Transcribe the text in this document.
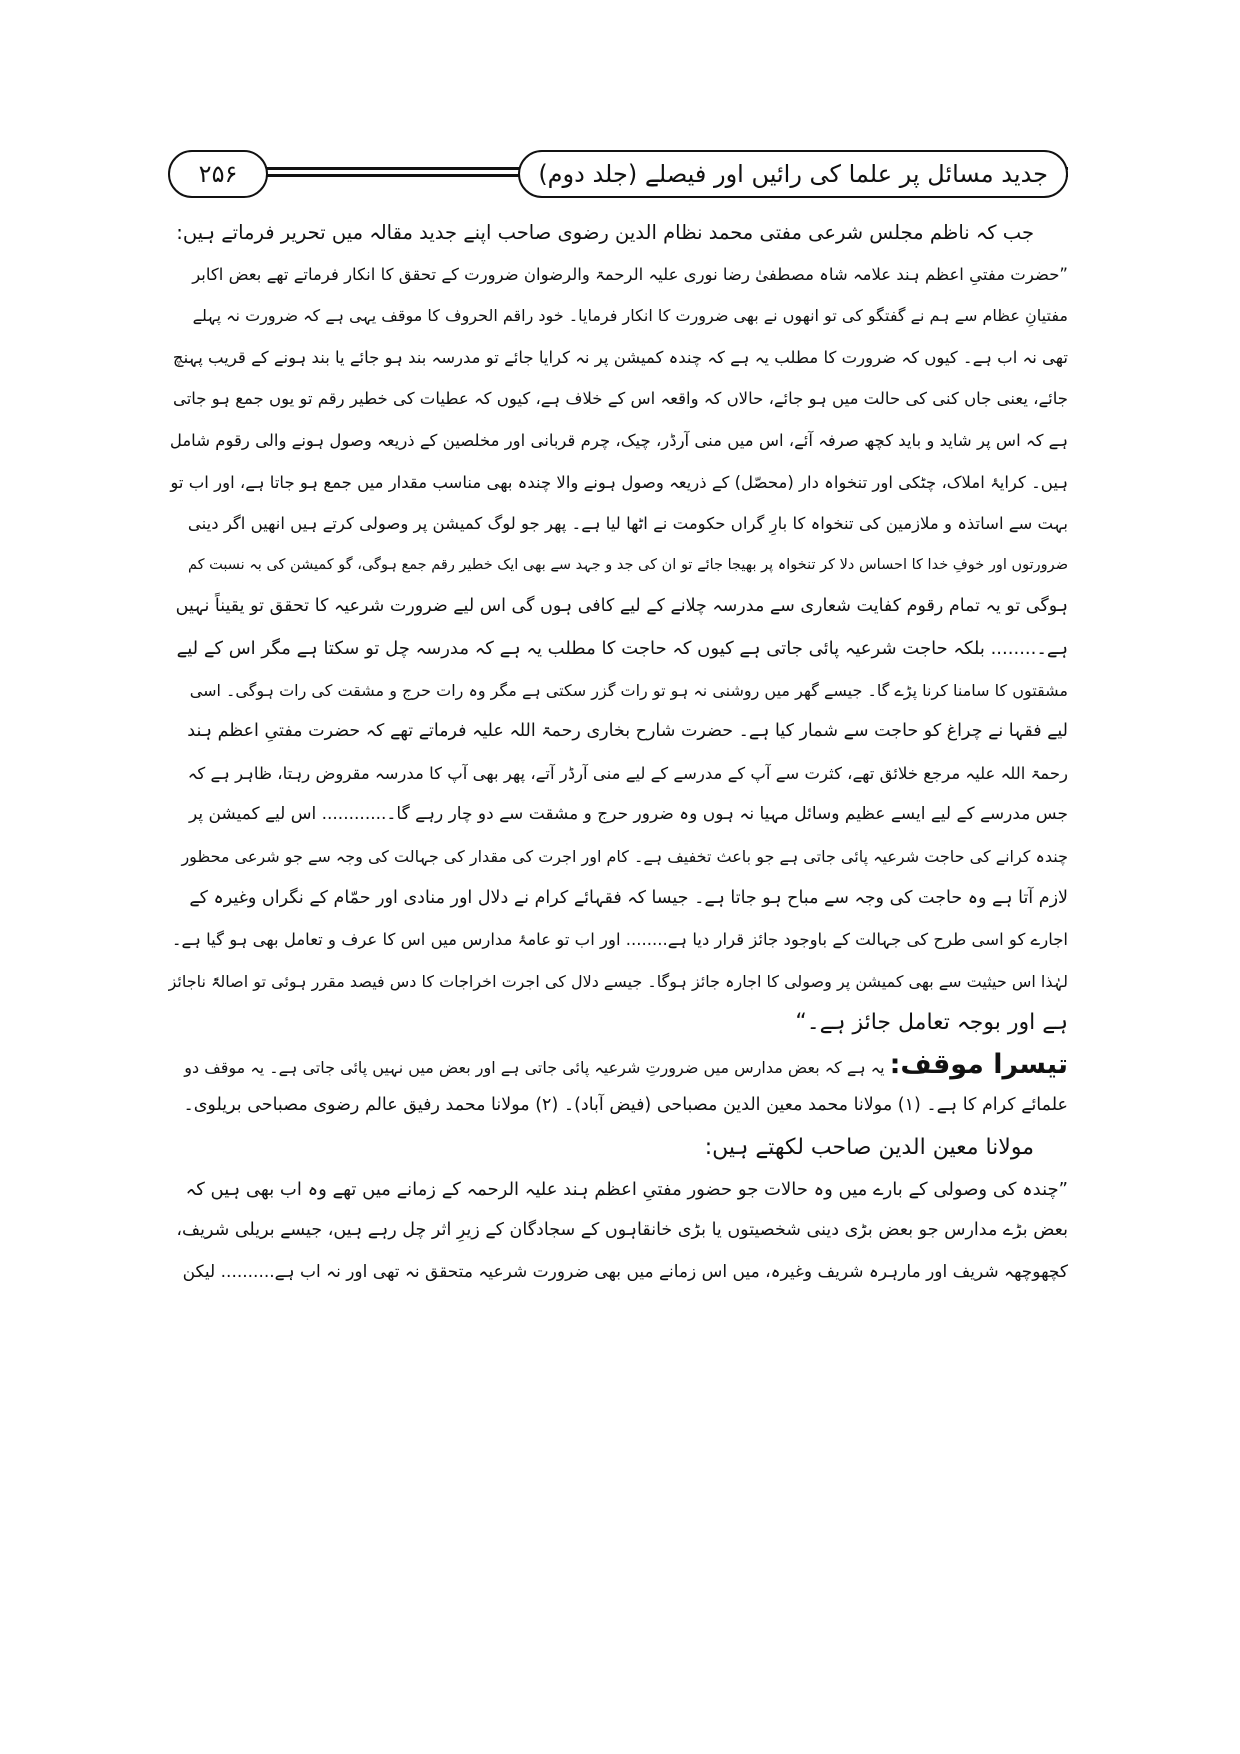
جدید مسائل پر علما کی رائیں اور فیصلے (جلد دوم)
۲۵۶
جب کہ ناظم مجلس شرعی مفتی محمد نظام الدین رضوی صاحب اپنے جدید مقالہ میں تحریر فرماتے ہیں:
”حضرت مفتیِ اعظم ہند علامہ شاہ مصطفیٰ رضا نوری علیہ الرحمۃ والرضوان ضرورت کے تحقق کا انکار فرماتے تھے بعض اکابر
مفتیانِ عظام سے ہم نے گفتگو کی تو انھوں نے بھی ضرورت کا انکار فرمایا۔ خود راقم الحروف کا موقف یہی ہے کہ ضرورت نہ پہلے
تھی نہ اب ہے۔ کیوں کہ ضرورت کا مطلب یہ ہے کہ چندہ کمیشن پر نہ کرایا جائے تو مدرسہ بند ہو جائے یا بند ہونے کے قریب پہنچ
جائے، یعنی جاں کنی کی حالت میں ہو جائے، حالاں کہ واقعہ اس کے خلاف ہے، کیوں کہ عطیات کی خطیر رقم تو یوں جمع ہو جاتی
ہے کہ اس پر شاید و باید کچھ صرفہ آئے، اس میں منی آرڈر، چیک، چرم قربانی اور مخلصین کے ذریعہ وصول ہونے والی رقوم شامل
ہیں۔ کرایۂ املاک، چٹکی اور تنخواہ دار (محصّل) کے ذریعہ وصول ہونے والا چندہ بھی مناسب مقدار میں جمع ہو جاتا ہے، اور اب تو
بہت سے اساتذہ و ملازمین کی تنخواہ کا بارِ گراں حکومت نے اٹھا لیا ہے۔ پھر جو لوگ کمیشن پر وصولی کرتے ہیں انھیں اگر دینی
ضرورتوں اور خوفِ خدا کا احساس دلا کر تنخواہ پر بھیجا جائے تو ان کی جد و جہد سے بھی ایک خطیر رقم جمع ہوگی، گو کمیشن کی بہ نسبت کم
ہوگی تو یہ تمام رقوم کفایت شعاری سے مدرسہ چلانے کے لیے کافی ہوں گی اس لیے ضرورت شرعیہ کا تحقق تو یقیناً نہیں
ہے۔........ بلکہ حاجت شرعیہ پائی جاتی ہے کیوں کہ حاجت کا مطلب یہ ہے کہ مدرسہ چل تو سکتا ہے مگر اس کے لیے
مشقتوں کا سامنا کرنا پڑے گا۔ جیسے گھر میں روشنی نہ ہو تو رات گزر سکتی ہے مگر وہ رات حرج و مشقت کی رات ہوگی۔ اسی
لیے فقہا نے چراغ کو حاجت سے شمار کیا ہے۔ حضرت شارح بخاری رحمۃ اللہ علیہ فرماتے تھے کہ حضرت مفتیِ اعظم ہند
رحمۃ اللہ علیہ مرجع خلائق تھے، کثرت سے آپ کے مدرسے کے لیے منی آرڈر آتے، پھر بھی آپ کا مدرسہ مقروض رہتا، ظاہر ہے کہ
جس مدرسے کے لیے ایسے عظیم وسائل مہیا نہ ہوں وہ ضرور حرج و مشقت سے دو چار رہے گا۔............ اس لیے کمیشن پر
چندہ کرانے کی حاجت شرعیہ پائی جاتی ہے جو باعث تخفیف ہے۔ کام اور اجرت کی مقدار کی جہالت کی وجہ سے جو شرعی محظور
لازم آتا ہے وہ حاجت کی وجہ سے مباح ہو جاتا ہے۔ جیسا کہ فقہائے کرام نے دلال اور منادی اور حمّام کے نگراں وغیرہ کے
اجارے کو اسی طرح کی جہالت کے باوجود جائز قرار دیا ہے........ اور اب تو عامۂ مدارس میں اس کا عرف و تعامل بھی ہو گیا ہے۔
لہٰذا اس حیثیت سے بھی کمیشن پر وصولی کا اجارہ جائز ہوگا۔ جیسے دلال کی اجرت اخراجات کا دس فیصد مقرر ہوئی تو اصالۃً ناجائز
ہے اور بوجہ تعامل جائز ہے۔“
تیسرا موقف: یہ ہے کہ بعض مدارس میں ضرورتِ شرعیہ پائی جاتی ہے اور بعض میں نہیں پائی جاتی ہے۔ یہ موقف دو
علمائے کرام کا ہے۔ (۱) مولانا محمد معین الدین مصباحی (فیض آباد)۔ (۲) مولانا محمد رفیق عالم رضوی مصباحی بریلوی۔
مولانا معین الدین صاحب لکھتے ہیں:
”چندہ کی وصولی کے بارے میں وہ حالات جو حضور مفتیِ اعظم ہند علیہ الرحمہ کے زمانے میں تھے وہ اب بھی ہیں کہ
بعض بڑے مدارس جو بعض بڑی دینی شخصیتوں یا بڑی خانقاہوں کے سجادگان کے زیرِ اثر چل رہے ہیں، جیسے بریلی شریف،
کچھوچھہ شریف اور مارہرہ شریف وغیرہ، میں اس زمانے میں بھی ضرورت شرعیہ متحقق نہ تھی اور نہ اب ہے.......... لیکن
